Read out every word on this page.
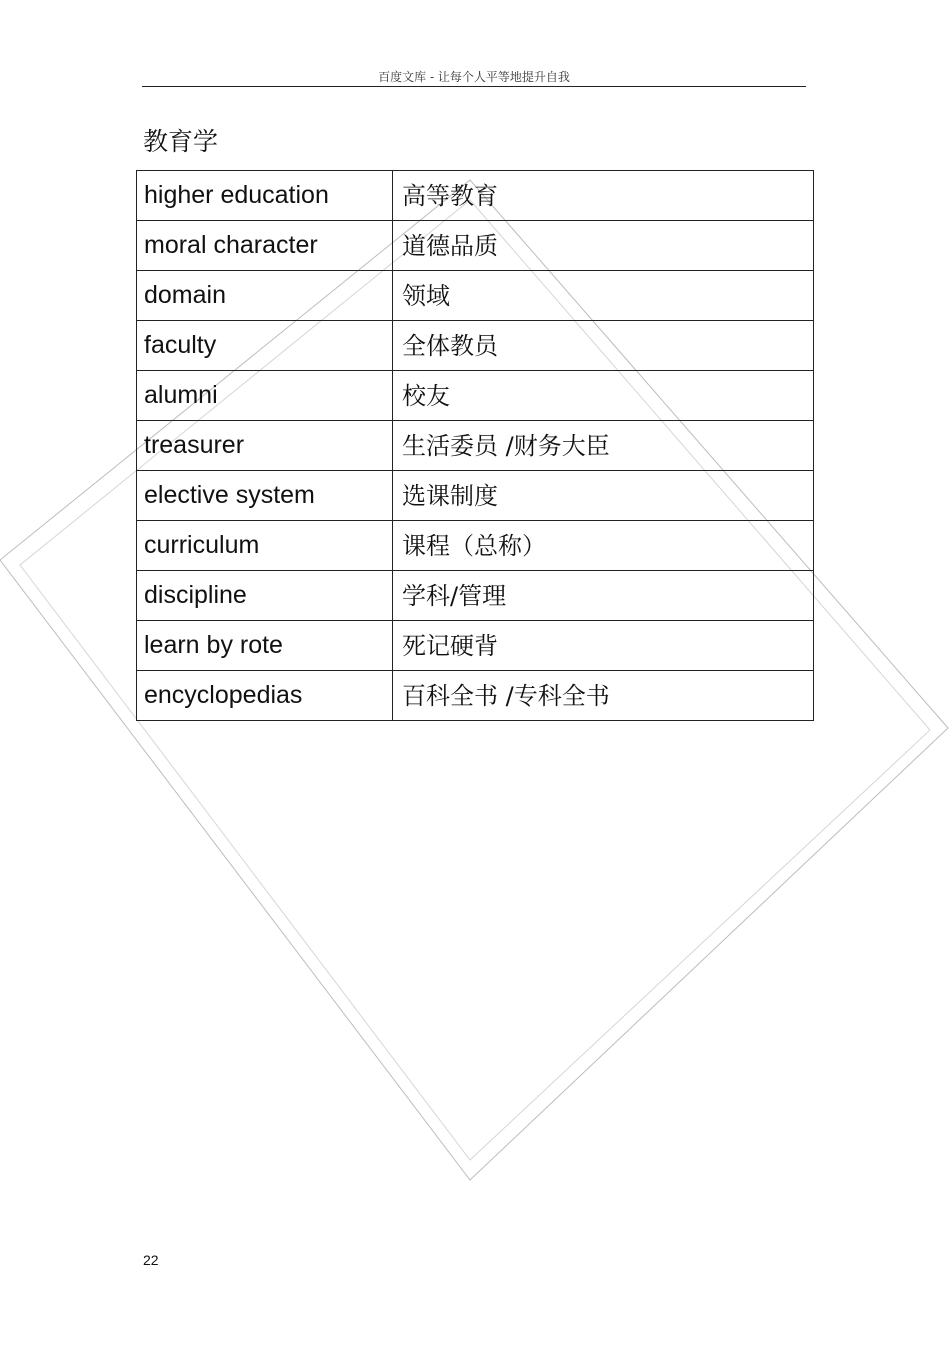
百度文库 - 让每个人平等地提升自我
教育学
higher education	高等教育
moral character	道德品质
domain	领域
faculty	全体教员
alumni	校友
treasurer	生活委员 /财务大臣
elective system	选课制度
curriculum	课程（总称）
discipline	学科/管理
learn by rote	死记硬背
encyclopedias	百科全书 /专科全书
22
